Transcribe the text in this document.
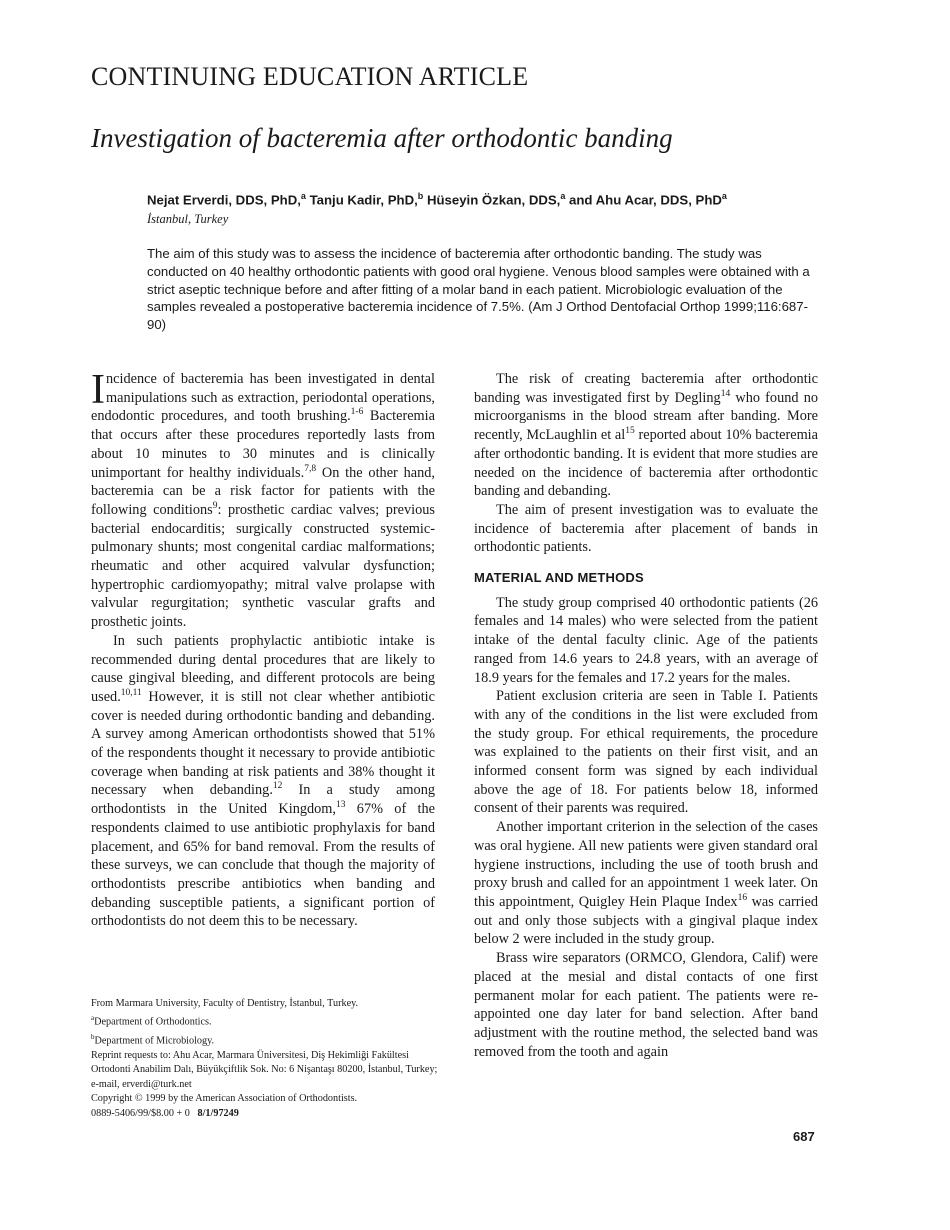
CONTINUING EDUCATION ARTICLE
Investigation of bacteremia after orthodontic banding
Nejat Erverdi, DDS, PhD,$^a$ Tanju Kadir, PhD,$^b$ Hüseyin Özkan, DDS,$^a$ and Ahu Acar, DDS, PhD$^a$
İstanbul, Turkey
The aim of this study was to assess the incidence of bacteremia after orthodontic banding. The study was conducted on 40 healthy orthodontic patients with good oral hygiene. Venous blood samples were obtained with a strict aseptic technique before and after fitting of a molar band in each patient. Microbiologic evaluation of the samples revealed a postoperative bacteremia incidence of 7.5%. (Am J Orthod Dentofacial Orthop 1999;116:687-90)

Incidence of bacteremia has been investigated in dental manipulations such as extraction, periodontal operations, endodontic procedures, and tooth brushing.$^{1-6}$ Bacteremia that occurs after these procedures reportedly lasts from about 10 minutes to 30 minutes and is clinically unimportant for healthy individuals.$^{7,8}$ On the other hand, bacteremia can be a risk factor for patients with the following conditions$^9$: prosthetic cardiac valves; previous bacterial endocarditis; surgically constructed systemic-pulmonary shunts; most congenital cardiac malformations; rheumatic and other acquired valvular dysfunction; hypertrophic cardiomyopathy; mitral valve prolapse with valvular regurgitation; synthetic vascular grafts and prosthetic joints.

In such patients prophylactic antibiotic intake is recommended during dental procedures that are likely to cause gingival bleeding, and different protocols are being used.$^{10,11}$ However, it is still not clear whether antibiotic cover is needed during orthodontic banding and debanding. A survey among American orthodontists showed that 51% of the respondents thought it necessary to provide antibiotic coverage when banding at risk patients and 38% thought it necessary when debanding.$^{12}$ In a study among orthodontists in the United Kingdom,$^{13}$ 67% of the respondents claimed to use antibiotic prophylaxis for band placement, and 65% for band removal. From the results of these surveys, we can conclude that though the majority of orthodontists prescribe antibiotics when banding and debanding susceptible patients, a significant portion of orthodontists do not deem this to be necessary.

The risk of creating bacteremia after orthodontic banding was investigated first by Degling$^{14}$ who found no microorganisms in the blood stream after banding. More recently, McLaughlin et $al^{15}$ reported about 10% bacteremia after orthodontic banding. It is evident that more studies are needed on the incidence of bacteremia after orthodontic banding and debanding.

The aim of present investigation was to evaluate the incidence of bacteremia after placement of bands in orthodontic patients.

MATERIAL AND METHODS

The study group comprised 40 orthodontic patients (26 females and 14 males) who were selected from the patient intake of the dental faculty clinic. Age of the patients ranged from 14.6 years to 24.8 years, with an average of 18.9 years for the females and 17.2 years for the males.

Patient exclusion criteria are seen in Table I. Patients with any of the conditions in the list were excluded from the study group. For ethical requirements, the procedure was explained to the patients on their first visit, and an informed consent form was signed by each individual above the age of 18. For patients below 18, informed consent of their parents was required.

Another important criterion in the selection of the cases was oral hygiene. All new patients were given standard oral hygiene instructions, including the use of tooth brush and proxy brush and called for an appointment 1 week later. On this appointment, Quigley Hein Plaque Index$^{16}$ was carried out and only those subjects with a gingival plaque index below 2 were included in the study group.

Brass wire separators (ORMCO, Glendora, Calif) were placed at the mesial and distal contacts of one first permanent molar for each patient. The patients were re-appointed one day later for band selection. After band adjustment with the routine method, the selected band was removed from the tooth and again

From Marmara University, Faculty of Dentistry, İstanbul, Turkey.
$^a$Department of Orthodontics.
$^b$Department of Microbiology.
Reprint requests to: Ahu Acar, Marmara Üniversitesi, Diş Hekimliği Fakültesi Ortodonti Anabilim Dalı, Büyükçiftlik Sok. No: 6 Nişantaşı 80200, İstanbul, Turkey; e-mail, erverdi@turk.net
Copyright © 1999 by the American Association of Orthodontists.
0889-5406/99/$8.00 + 0 8/1/97249
687
